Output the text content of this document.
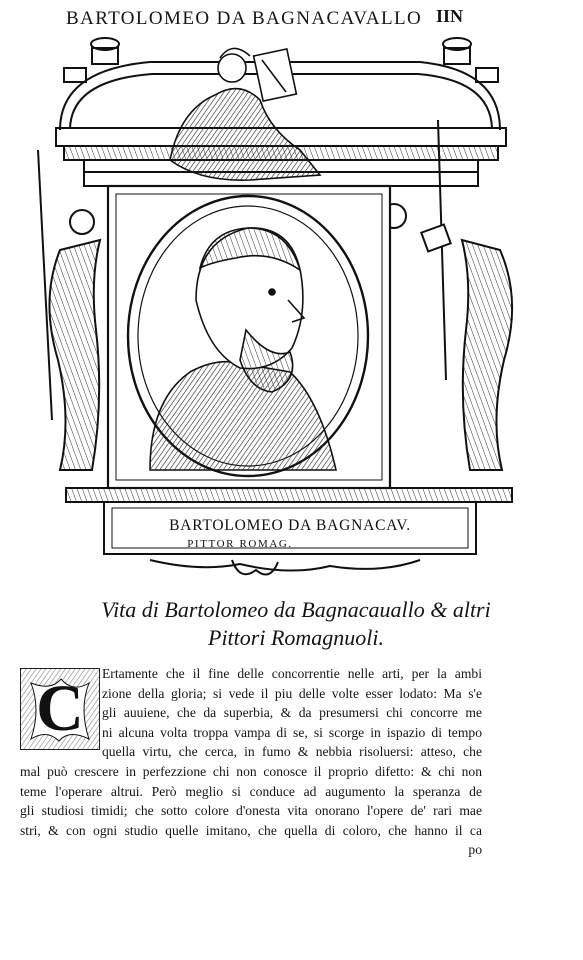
BARTOLOMEO DA BAGNACAVALLO IIN
BARTOLOMEO DA BAGNACAV.
PITTOR ROMAG.
Vita di Bartolomeo da Bagnacauallo & altri
Pittori Romagnuoli.
C	Ertamente che il fine delle concorrentie nelle arti, per la ambi
zione della gloria; si vede il piu delle volte esser lodato: Ma s'e
gli auuiene, che da superbia, & da presumersi chi concorre me
ni alcuna volta troppa vampa di se, si scorge in ispazio di tempo
quella virtu, che cerca, in fumo & nebbia risoluersi: atteso, che
mal può crescere in perfezzione chi non conosce il proprio difetto: & chi non
teme l'operare altrui. Però meglio si conduce ad augumento la speranza de
gli studiosi timidi; che sotto colore d'onesta vita onorano l'opere de' rari mae
stri, & con ogni studio quelle imitano, che quella di coloro, che hanno il ca
po
